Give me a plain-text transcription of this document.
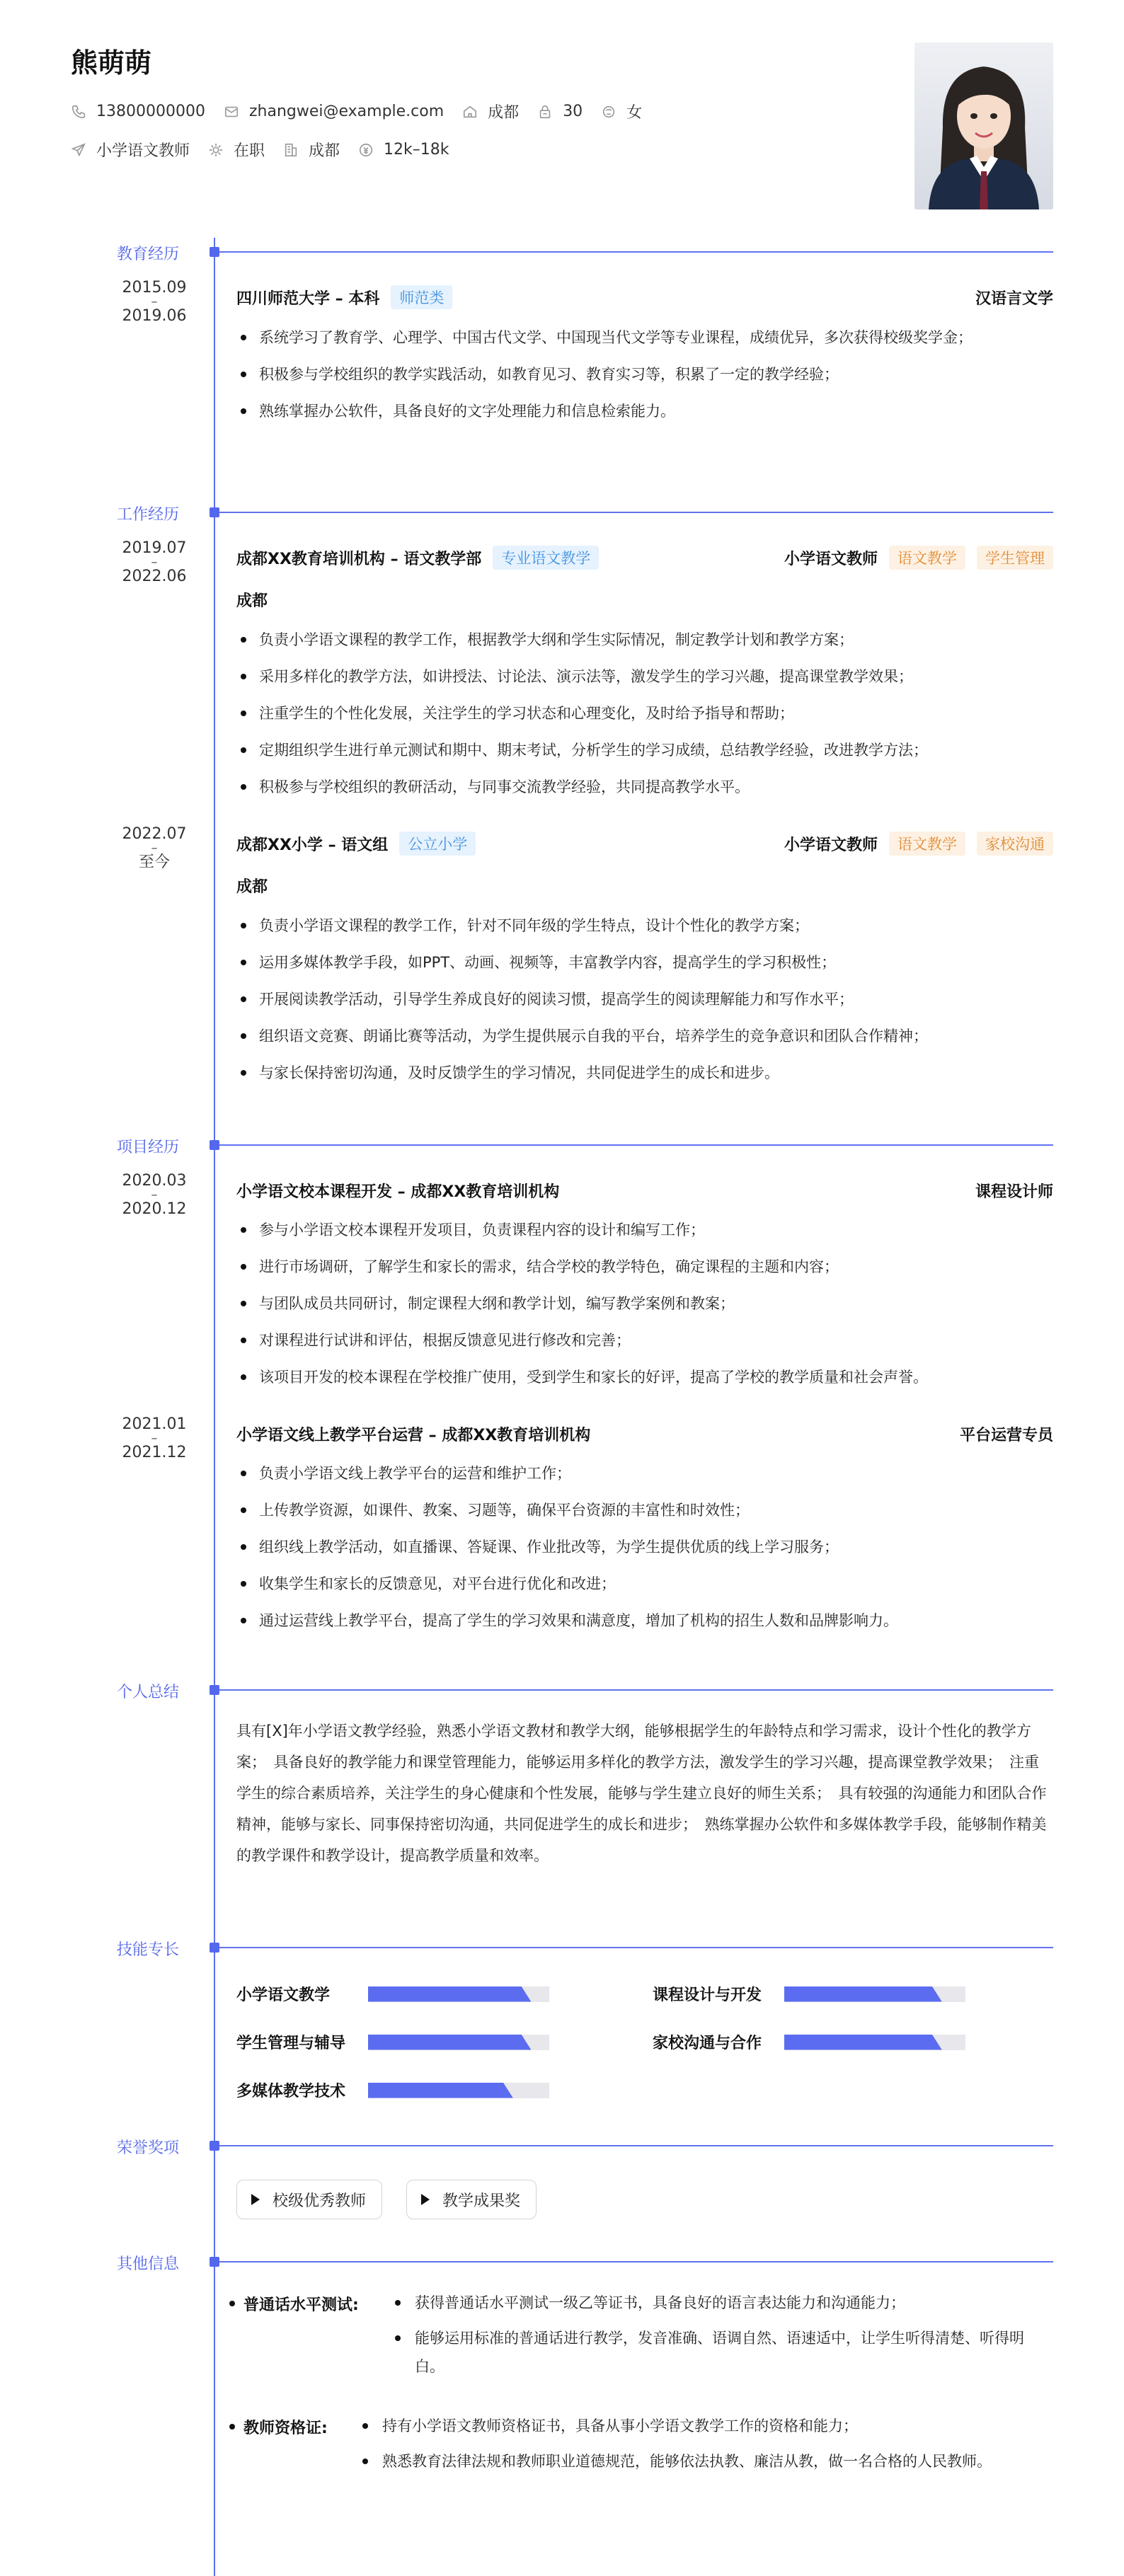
熊萌萌
13800000000	zhangwei@example.com	成都	30	女
小学语文教师	在职	成都	12k–18k
教育经历
2015.09
–
2019.06
四川师范大学 – 本科	师范类	汉语言文学
系统学习了教育学、心理学、中国古代文学、中国现当代文学等专业课程，成绩优异，多次获得校级奖学金；
积极参与学校组织的教学实践活动，如教育见习、教育实习等，积累了一定的教学经验；
熟练掌握办公软件，具备良好的文字处理能力和信息检索能力。
工作经历
2019.07
–
2022.06
成都XX教育培训机构 – 语文教学部	专业语文教学	小学语文教师	语文教学	学生管理
成都
负责小学语文课程的教学工作，根据教学大纲和学生实际情况，制定教学计划和教学方案；
采用多样化的教学方法，如讲授法、讨论法、演示法等，激发学生的学习兴趣，提高课堂教学效果；
注重学生的个性化发展，关注学生的学习状态和心理变化，及时给予指导和帮助；
定期组织学生进行单元测试和期中、期末考试，分析学生的学习成绩，总结教学经验，改进教学方法；
积极参与学校组织的教研活动，与同事交流教学经验，共同提高教学水平。
2022.07
–
至今
成都XX小学 – 语文组	公立小学	小学语文教师	语文教学	家校沟通
成都
负责小学语文课程的教学工作，针对不同年级的学生特点，设计个性化的教学方案；
运用多媒体教学手段，如PPT、动画、视频等，丰富教学内容，提高学生的学习积极性；
开展阅读教学活动，引导学生养成良好的阅读习惯，提高学生的阅读理解能力和写作水平；
组织语文竞赛、朗诵比赛等活动，为学生提供展示自我的平台，培养学生的竞争意识和团队合作精神；
与家长保持密切沟通，及时反馈学生的学习情况，共同促进学生的成长和进步。
项目经历
2020.03
–
2020.12
小学语文校本课程开发 – 成都XX教育培训机构	课程设计师
参与小学语文校本课程开发项目，负责课程内容的设计和编写工作；
进行市场调研，了解学生和家长的需求，结合学校的教学特色，确定课程的主题和内容；
与团队成员共同研讨，制定课程大纲和教学计划，编写教学案例和教案；
对课程进行试讲和评估，根据反馈意见进行修改和完善；
该项目开发的校本课程在学校推广使用，受到学生和家长的好评，提高了学校的教学质量和社会声誉。
2021.01
–
2021.12
小学语文线上教学平台运营 – 成都XX教育培训机构	平台运营专员
负责小学语文线上教学平台的运营和维护工作；
上传教学资源，如课件、教案、习题等，确保平台资源的丰富性和时效性；
组织线上教学活动，如直播课、答疑课、作业批改等，为学生提供优质的线上学习服务；
收集学生和家长的反馈意见，对平台进行优化和改进；
通过运营线上教学平台，提高了学生的学习效果和满意度，增加了机构的招生人数和品牌影响力。
个人总结
具有[X]年小学语文教学经验，熟悉小学语文教材和教学大纲，能够根据学生的年龄特点和学习需求，设计个性化的教学方案；　具备良好的教学能力和课堂管理能力，能够运用多样化的教学方法，激发学生的学习兴趣，提高课堂教学效果；　注重学生的综合素质培养，关注学生的身心健康和个性发展，能够与学生建立良好的师生关系；　具有较强的沟通能力和团队合作精神，能够与家长、同事保持密切沟通，共同促进学生的成长和进步；　熟练掌握办公软件和多媒体教学手段，能够制作精美的教学课件和教学设计，提高教学质量和效率。
技能专长
小学语文教学	课程设计与开发
学生管理与辅导	家校沟通与合作
多媒体教学技术
荣誉奖项
校级优秀教师	教学成果奖
其他信息
普通话水平测试:	获得普通话水平测试一级乙等证书，具备良好的语言表达能力和沟通能力；
能够运用标准的普通话进行教学，发音准确、语调自然、语速适中，让学生听得清楚、听得明白。
教师资格证:	持有小学语文教师资格证书，具备从事小学语文教学工作的资格和能力；
熟悉教育法律法规和教师职业道德规范，能够依法执教、廉洁从教，做一名合格的人民教师。
